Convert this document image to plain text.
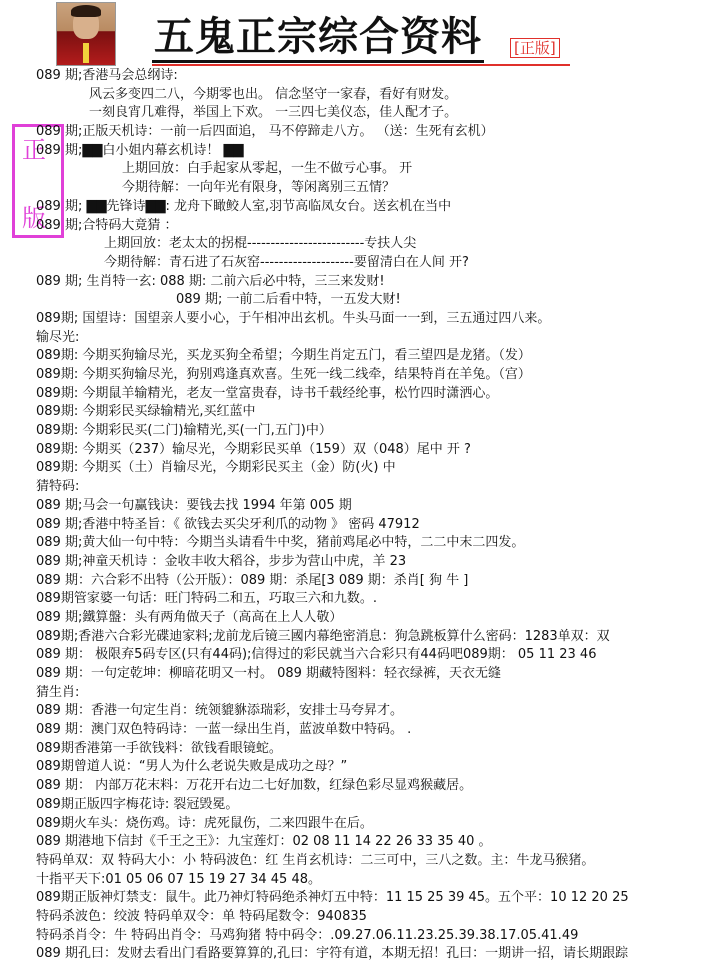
五鬼正宗综合资料 [正版]
正
版
089 期;香港马会总纲诗:
风云多变四二八，今期零也出。 信念坚守一家春，看好有财发。
一刻良宵几难得，举国上下欢。 一三四七美仪态，佳人配才子。
089 期;正版天机诗：一前一后四面追， 马不停蹄走八方。 （送：生死有玄机）
089 期;▇▇白小姐内幕玄机诗！ ▇▇
上期回放：白手起家从零起，一生不做亏心事。 开
今期待解：一向年光有限身，等闲离别三五情？
089 期; ▇▇先锋诗▇▇: 龙舟下瞰鲛人室,羽节高临凤女台。送玄机在当中
089 期;合特码大竟猜 ：
上期回放：老太太的拐棍-------------------------专扶人尖
今期待解：青石进了石灰窑--------------------要留清白在人间 开?
089 期; 生肖特一玄: 088 期: 二前六后必中特，三三来发财!
089 期; 一前二后看中特，一五发大财!
089期; 国望诗：国望亲人要小心，于午相冲出玄机。牛头马面一一到，三五通过四八来。
输尽光:
089期: 今期买狗输尽光，买龙买狗全希望；今期生肖定五门，看三望四是龙猪。（发）
089期: 今期买狗输尽光，狗别鸡逢真欢喜。生死一线二线牵，结果特肖在羊兔。（宫）
089期: 今期鼠羊输精光，老友一堂富贵春，诗书千载经纶事，松竹四时潇洒心。
089期: 今期彩民买绿输精光,买红蓝中
089期: 今期彩民买(二门)输精光,买(一门,五门)中）
089期: 今期买（237）输尽光，今期彩民买单（159）双（048）尾中 开 ?
089期: 今期买（土）肖输尽光，今期彩民买主（金）防(火) 中
猜特码:
089 期;马会一句赢钱诀：要钱去找 1994 年第 005 期
089 期;香港中特圣旨：《 欲钱去买尖牙利爪的动物 》 密码 47912
089 期;黄大仙一句中特：今期当头请看牛中奖，猪前鸡尾必中特，二二中末二四发。
089 期;神童天机诗 ：金收丰收大稻谷，步步为营山中虎，羊 23
089 期：六合彩不出特（公开版）：089 期：杀尾[3 089 期：杀肖[ 狗 牛 ]
089期管家婆一句话：旺门特码二和五，巧取三六和九数。.
089 期;鐵算盤：头有两角做天子（高高在上人人敬）
089期;香港六合彩光碟迪家料;龙前龙后镜三國内幕绝密消息：狗急跳板算什么密码：1283单双：双
089 期： 极限弃5码专区(只有44码);信得过的彩民就当六合彩只有44码吧089期： 05 11 23 46
089 期：一句定乾坤：柳暗花明又一村。 089 期藏特图料：轻衣绿裤，天衣无缝
猜生肖:
089 期：香港一句定生肖：统领貔貅添瑞彩，安排士马夸昇才。
089 期：澳门双色特码诗：一蓝一绿出生肖，蓝波单数中特码。 .
089期香港第一手欲钱料：欲钱看眼镜蛇。
089期曾道人说：“男人为什么老说失败是成功之母？”
089 期： 内部万花末料：万花开右边二七好加数，红绿色彩尽显鸡猴藏居。
089期正版四字梅花诗: 裂冠毁冕。
089期火车头：烧伤鸡。诗：虎死鼠伤，二来四跟牛在后。
089 期港地下信封《千王之王》：九宝莲灯：02 08 11 14 22 26 33 35 40 。
特码单双：双 特码大小：小 特码波色：红 生肖玄机诗：二三可中，三八之数。主：牛龙马猴猪。
十指平天下:01 05 06 07 15 19 27 34 45 48。
089期正版神灯禁支：鼠牛。此乃神灯特码绝杀神灯五中特：11 15 25 39 45。五个平：10 12 20 25
特码杀波色：绞波 特码单双令：单 特码尾数令：940835
特码杀肖令：牛 特码出肖令：马鸡狗猪 特中码令：.09.27.06.11.23.25.39.38.17.05.41.49
089 期孔曰：发财去看出门看路要算算的,孔曰：宇符有道，本期无招！孔曰：一期讲一招，请长期跟踪
